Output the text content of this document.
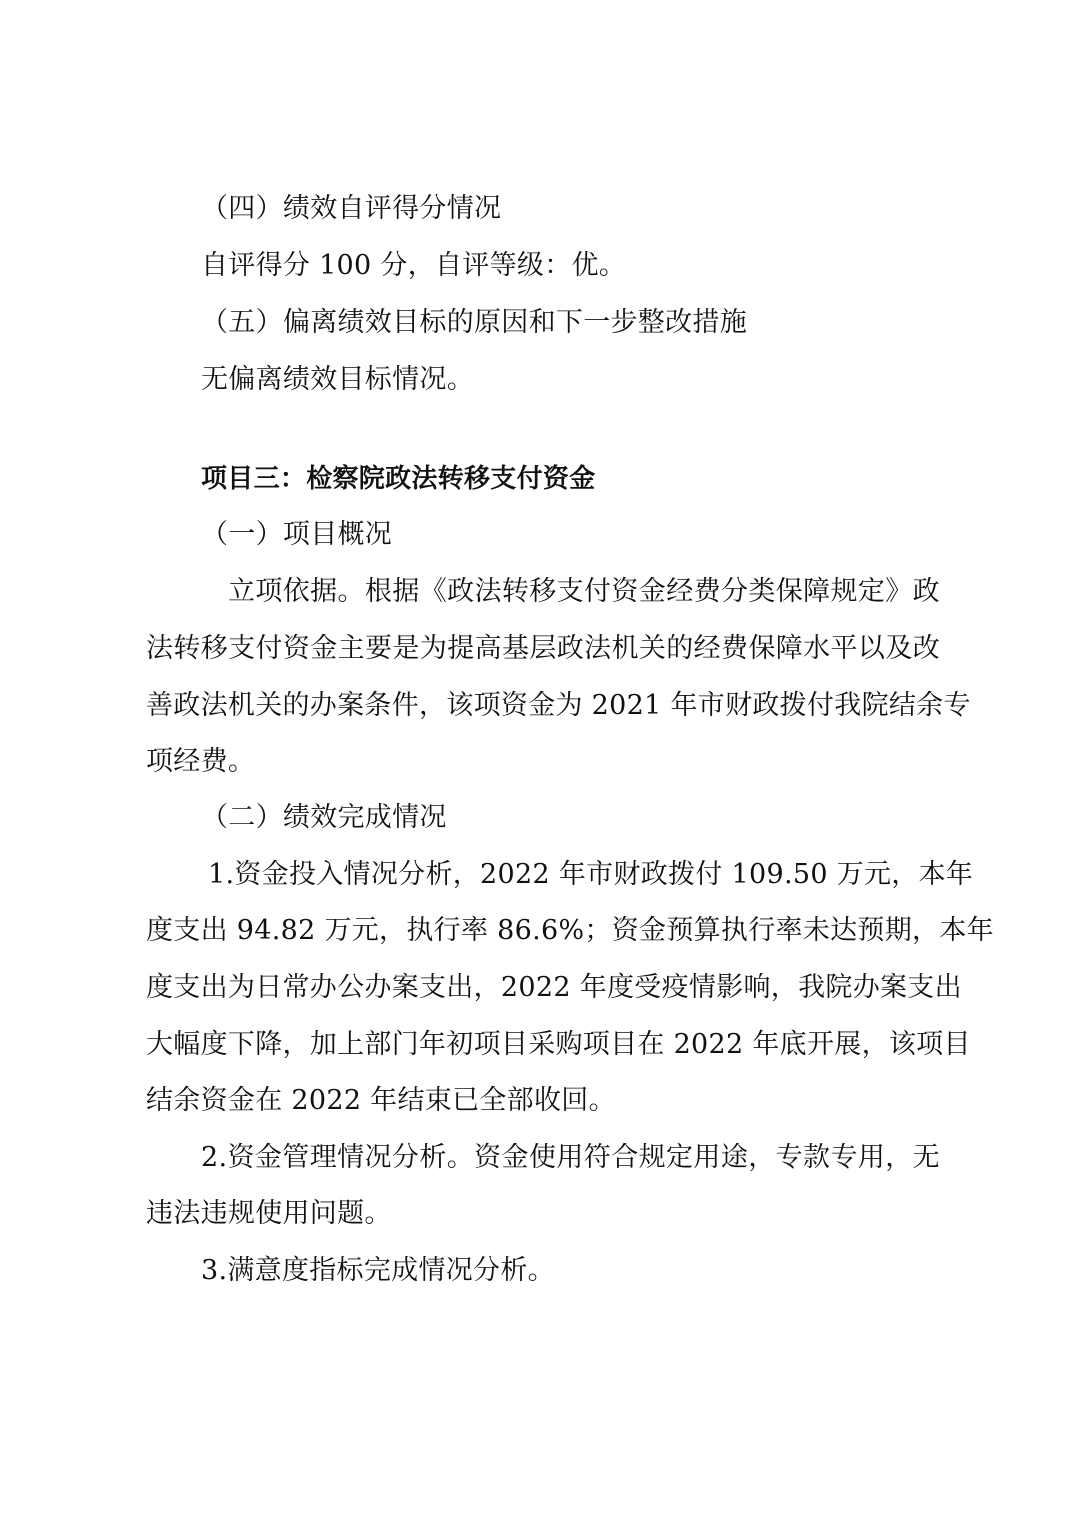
（四）绩效自评得分情况
自评得分 100 分，自评等级：优。
（五）偏离绩效目标的原因和下一步整改措施
无偏离绩效目标情况。
项目三：检察院政法转移支付资金
（一）项目概况
立项依据。根据《政法转移支付资金经费分类保障规定》政
法转移支付资金主要是为提高基层政法机关的经费保障水平以及改
善政法机关的办案条件，该项资金为 2021 年市财政拨付我院结余专
项经费。
（二）绩效完成情况
1.资金投入情况分析，2022 年市财政拨付 109.50 万元，本年
度支出 94.82 万元，执行率 86.6%；资金预算执行率未达预期，本年
度支出为日常办公办案支出，2022 年度受疫情影响，我院办案支出
大幅度下降，加上部门年初项目采购项目在 2022 年底开展，该项目
结余资金在 2022 年结束已全部收回。
2.资金管理情况分析。资金使用符合规定用途，专款专用，无
违法违规使用问题。
3.满意度指标完成情况分析。
